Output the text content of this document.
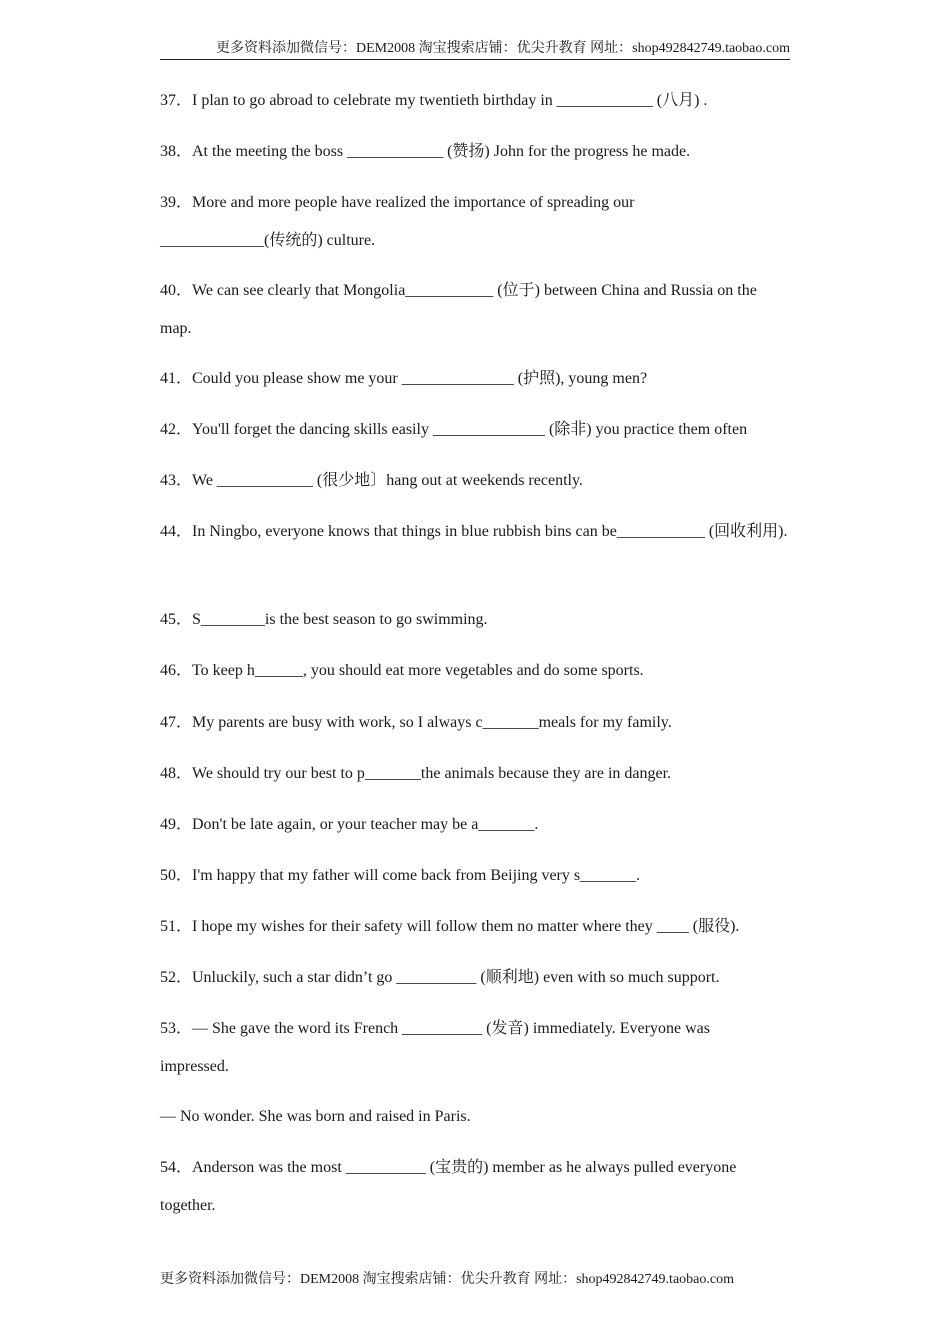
更多资料添加微信号：DEM2008 淘宝搜索店铺：优尖升教育 网址：shop492842749.taobao.com
37．I plan to go abroad to celebrate my twentieth birthday in ____________ (八月) .
38．At the meeting the boss ____________ (赞扬) John for the progress he made.
39．More and more people have realized the importance of spreading our _____________(传统的) culture.
40．We can see clearly that Mongolia___________ (位于) between China and Russia on the map.
41．Could you please show me your ______________ (护照), young men?
42．You'll forget the dancing skills easily ______________ (除非) you practice them often
43．We ____________ (很少地〕hang out at weekends recently.
44．In Ningbo, everyone knows that things in blue rubbish bins can be___________ (回收利用).
45．S________is the best season to go swimming.
46．To keep h______, you should eat more vegetables and do some sports.
47．My parents are busy with work, so I always c_______meals for my family.
48．We should try our best to p_______the animals because they are in danger.
49．Don't be late again, or your teacher may be a_______.
50．I'm happy that my father will come back from Beijing very s_______.
51．I hope my wishes for their safety will follow them no matter where they ____ (服役).
52．Unluckily, such a star didn’t go __________ (顺利地) even with so much support.
53．— She gave the word its French __________ (发音) immediately. Everyone was impressed.
— No wonder. She was born and raised in Paris.
54．Anderson was the most __________ (宝贵的) member as he always pulled everyone together.
更多资料添加微信号：DEM2008 淘宝搜索店铺：优尖升教育 网址：shop492842749.taobao.com
